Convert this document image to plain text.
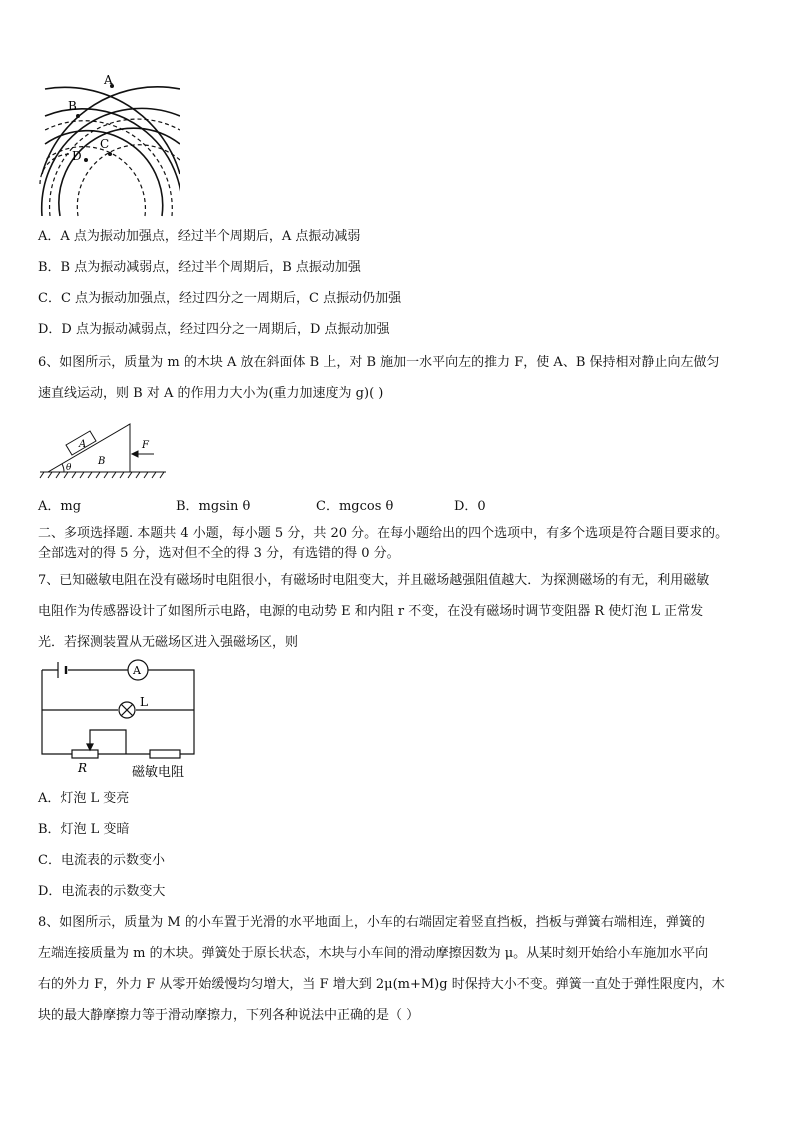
A
B
C
D
A．A 点为振动加强点，经过半个周期后，A 点振动减弱
B．B 点为振动减弱点，经过半个周期后，B 点振动加强
C．C 点为振动加强点，经过四分之一周期后，C 点振动仍加强
D．D 点为振动减弱点，经过四分之一周期后，D 点振动加强
6、如图所示，质量为 m 的木块 A 放在斜面体 B 上，对 B 施加一水平向左的推力 F，使 A、B 保持相对静止向左做匀
速直线运动，则 B 对 A 的作用力大小为(重力加速度为 g)( )
A
B
F
θ
A．mg	B．mgsin θ	C．mgcos θ	D．0
二、多项选择题. 本题共 4 小题，每小题 5 分，共 20 分。在每小题给出的四个选项中，有多个选项是符合题目要求的。
全部选对的得 5 分，选对但不全的得 3 分，有选错的得 0 分。
7、已知磁敏电阻在没有磁场时电阻很小，有磁场时电阻变大，并且磁场越强阻值越大．为探测磁场的有无，利用磁敏
电阻作为传感器设计了如图所示电路，电源的电动势 E 和内阻 r 不变，在没有磁场时调节变阻器 R 使灯泡 L 正常发
光．若探测装置从无磁场区进入强磁场区，则
A
L
R	磁敏电阻
A．灯泡 L 变亮
B．灯泡 L 变暗
C．电流表的示数变小
D．电流表的示数变大
8、如图所示，质量为 M 的小车置于光滑的水平地面上，小车的右端固定着竖直挡板，挡板与弹簧右端相连，弹簧的
左端连接质量为 m 的木块。弹簧处于原长状态，木块与小车间的滑动摩擦因数为 μ。从某时刻开始给小车施加水平向
右的外力 F，外力 F 从零开始缓慢均匀增大，当 F 增大到 2μ(m+M)g 时保持大小不变。弹簧一直处于弹性限度内，木
块的最大静摩擦力等于滑动摩擦力，下列各种说法中正确的是（ ）
